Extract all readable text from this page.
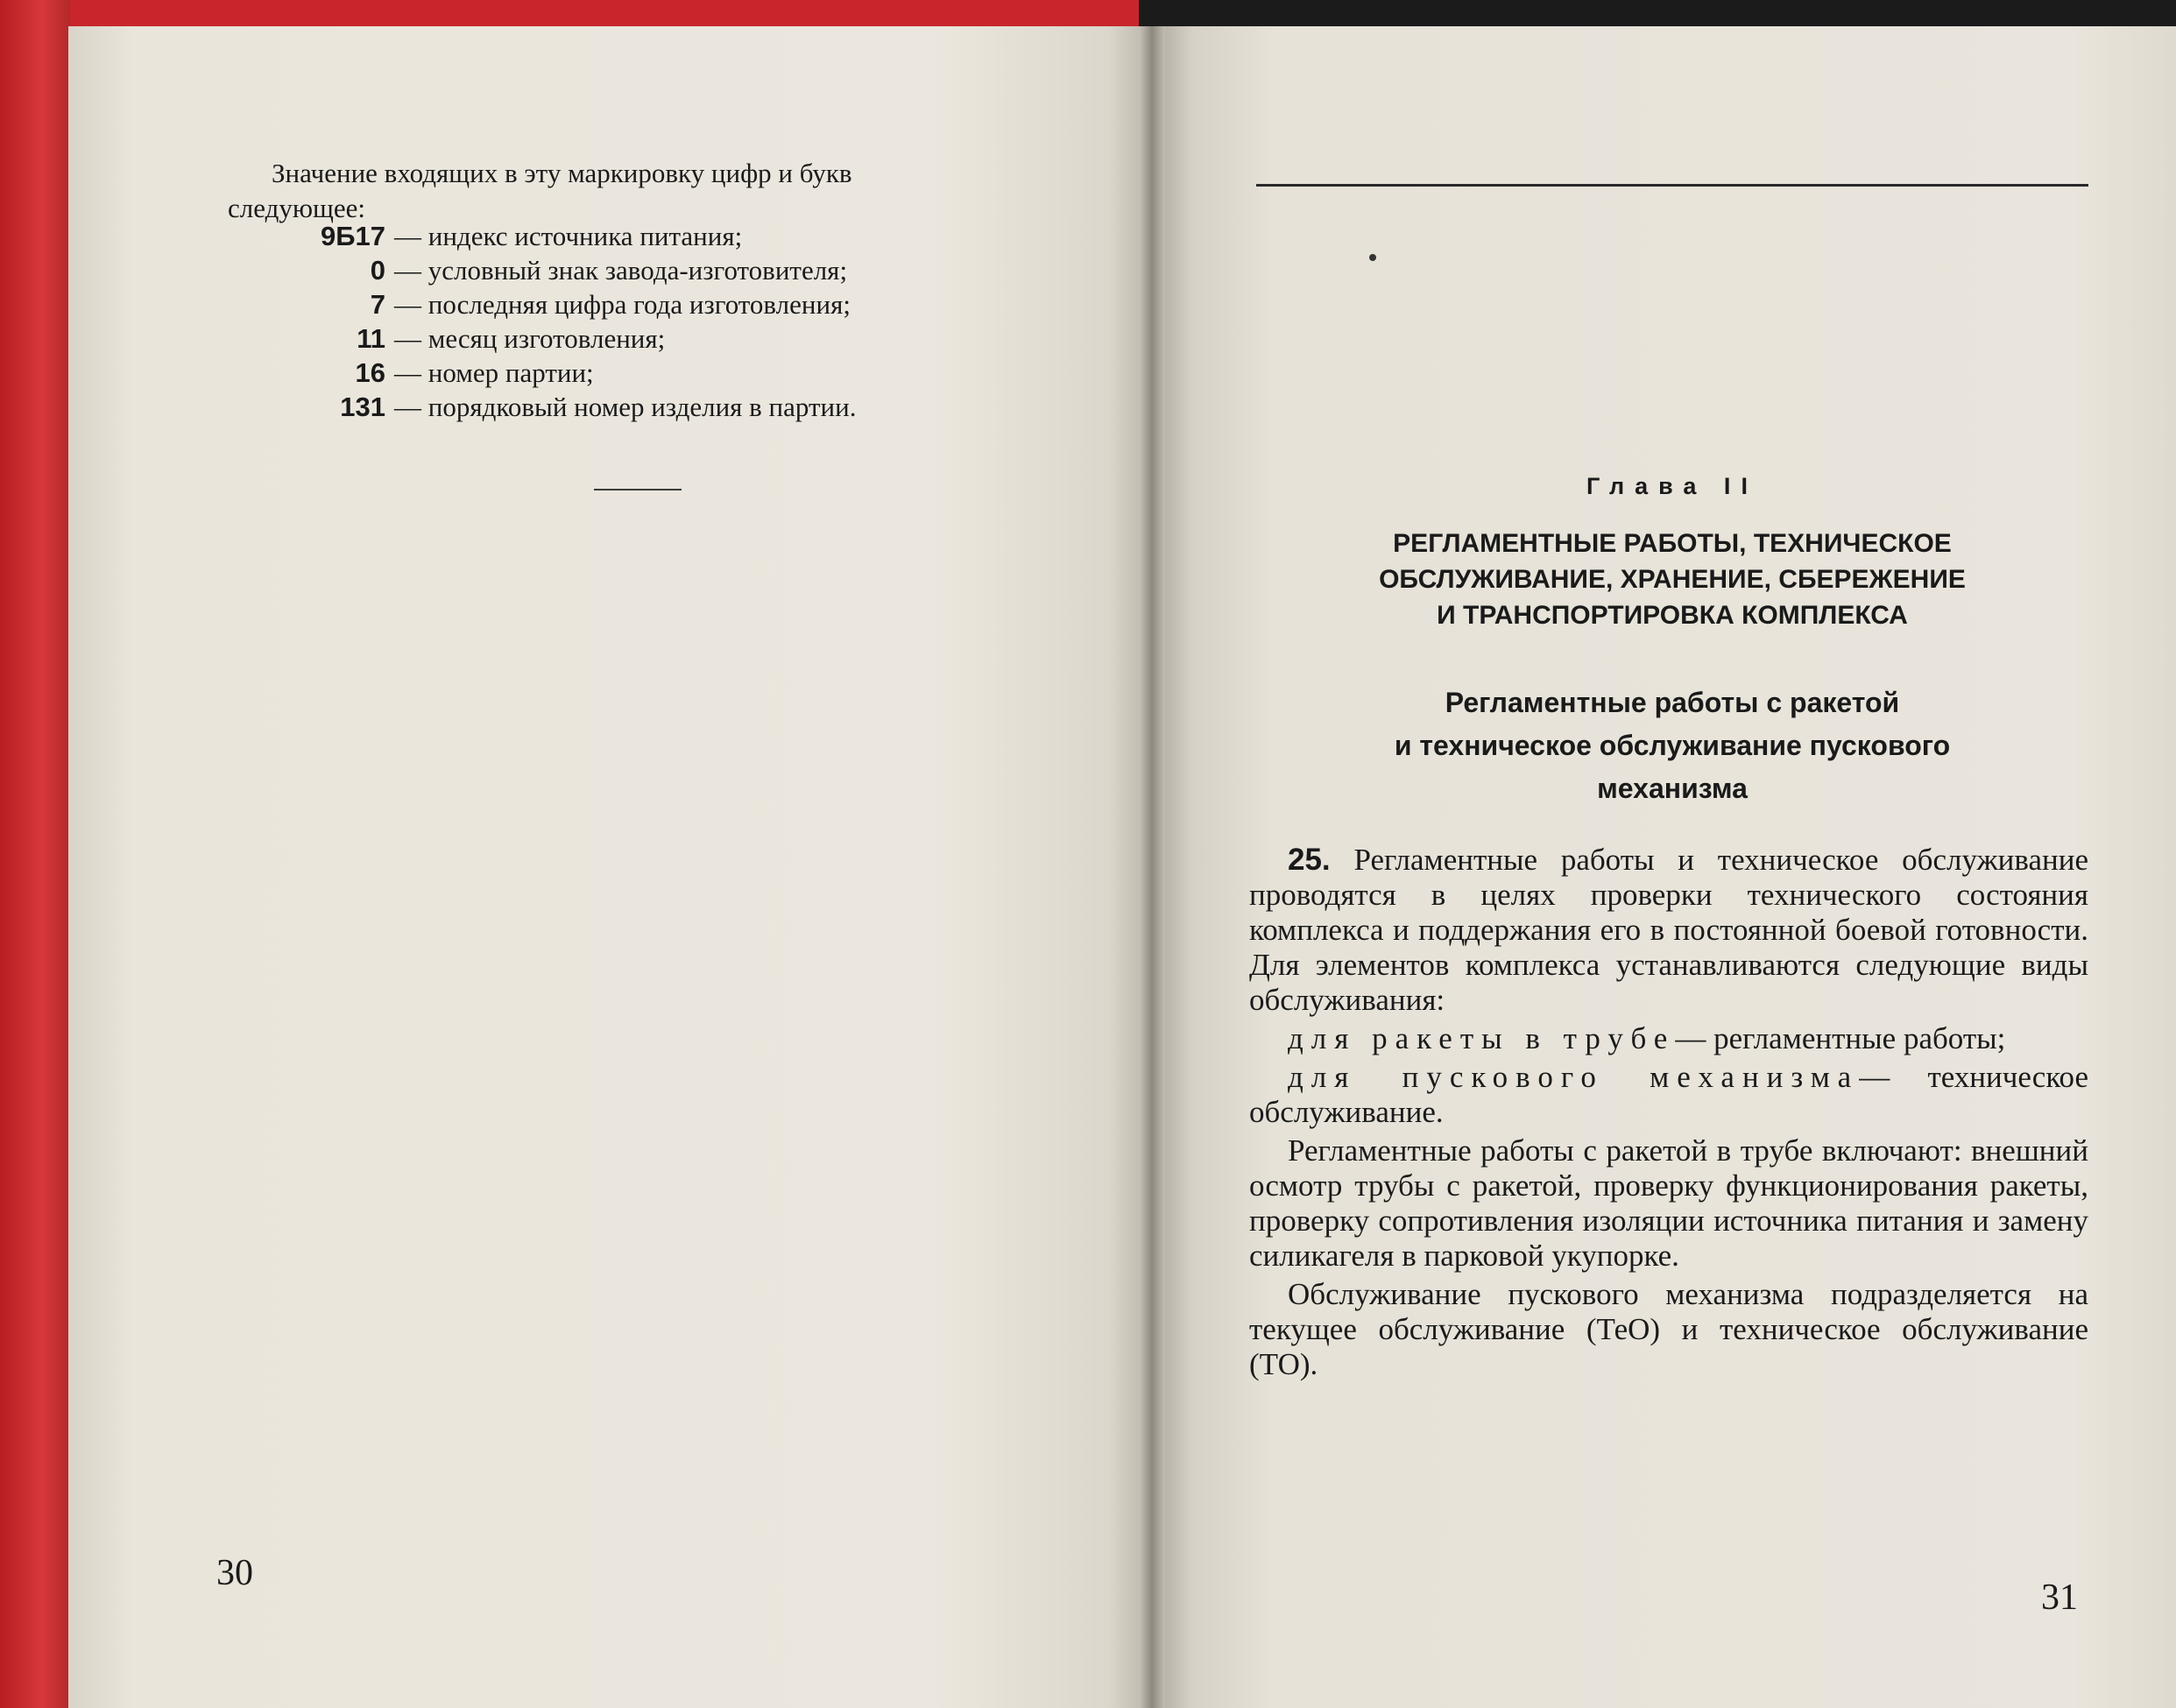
Значение входящих в эту маркировку цифр и букв
следующее:
9Б17 — индекс источника питания;
0 — условный знак завода-изготовителя;
7 — последняя цифра года изготовления;
11 — месяц изготовления;
16 — номер партии;
131 — порядковый номер изделия в партии.
30
Глава II
РЕГЛАМЕНТНЫЕ РАБОТЫ, ТЕХНИЧЕСКОЕ
ОБСЛУЖИВАНИЕ, ХРАНЕНИЕ, СБЕРЕЖЕНИЕ
И ТРАНСПОРТИРОВКА КОМПЛЕКСА
Регламентные работы с ракетой
и техническое обслуживание пускового
механизма

25. Регламентные работы и техническое обслуживание проводятся в целях проверки технического состояния комплекса и поддержания его в постоянной боевой готовности. Для элементов комплекса устанавливаются следующие виды обслуживания:

для ракеты в трубе— регламентные работы;

для пускового механизма— техническое обслуживание.

Регламентные работы с ракетой в трубе включают: внешний осмотр трубы с ракетой, проверку функционирования ракеты, проверку сопротивления изоляции источника питания и замену силикагеля в парковой укупорке.

Обслуживание пускового механизма подразделяется на текущее обслуживание (ТеО) и техническое обслуживание (ТО).

31
